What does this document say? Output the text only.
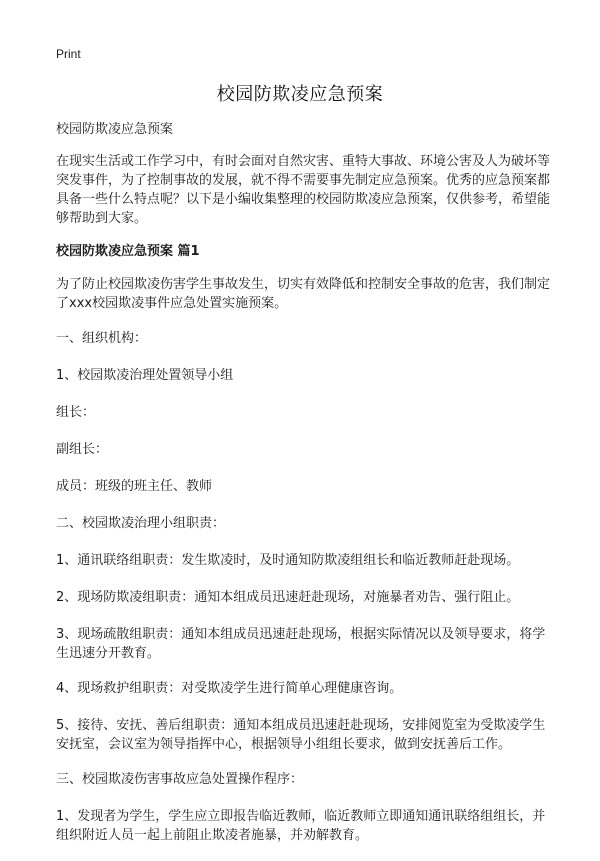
Print
校园防欺凌应急预案

校园防欺凌应急预案

在现实生活或工作学习中，有时会面对自然灾害、重特大事故、环境公害及人为破坏等突发事件，为了控制事故的发展，就不得不需要事先制定应急预案。优秀的应急预案都具备一些什么特点呢？以下是小编收集整理的校园防欺凌应急预案，仅供参考，希望能够帮助到大家。

校园防欺凌应急预案 篇1

为了防止校园欺凌伤害学生事故发生，切实有效降低和控制安全事故的危害，我们制定了xxx校园欺凌事件应急处置实施预案。

一、组织机构：

1、校园欺凌治理处置领导小组

组长：

副组长：

成员：班级的班主任、教师

二、校园欺凌治理小组职责：

1、通讯联络组职责：发生欺凌时，及时通知防欺凌组组长和临近教师赶赴现场。

2、现场防欺凌组职责：通知本组成员迅速赶赴现场，对施暴者劝告、强行阻止。

3、现场疏散组职责：通知本组成员迅速赶赴现场，根据实际情况以及领导要求，将学生迅速分开教育。

4、现场救护组职责：对受欺凌学生进行简单心理健康咨询。

5、接待、安抚、善后组职责：通知本组成员迅速赶赴现场，安排阅览室为受欺凌学生安抚室，会议室为领导指挥中心，根据领导小组组长要求，做到安抚善后工作。

三、校园欺凌伤害事故应急处置操作程序：

1、发现者为学生，学生应立即报告临近教师，临近教师立即通知通讯联络组组长，并组织附近人员一起上前阻止欺凌者施暴，并劝解教育。
